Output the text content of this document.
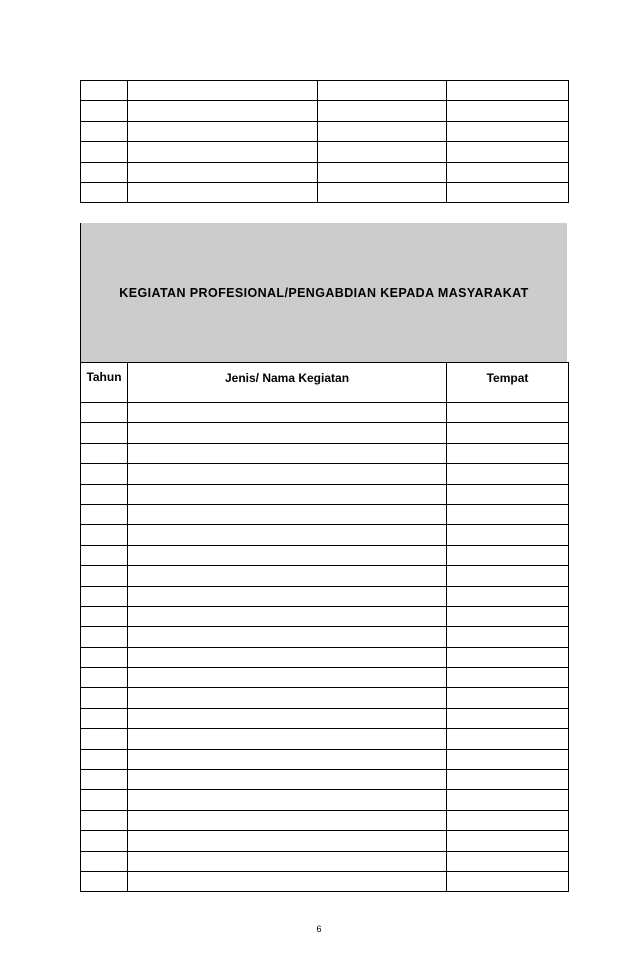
KEGIATAN PROFESIONAL/PENGABDIAN KEPADA MASYARAKAT
Tahun	Jenis/ Nama Kegiatan	Tempat

6
